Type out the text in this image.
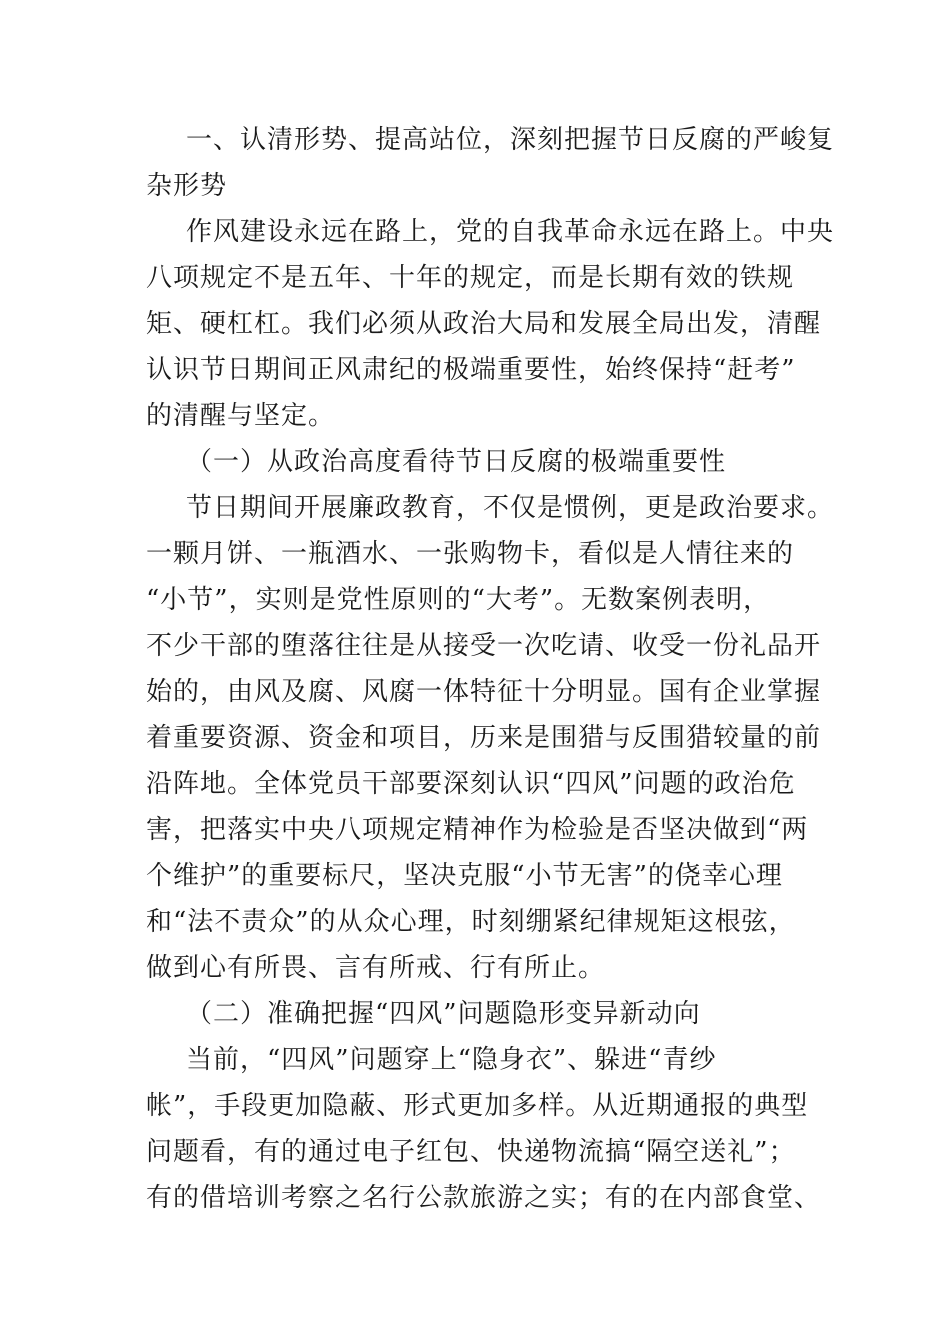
一、认清形势、提高站位，深刻把握节日反腐的严峻复
杂形势
作风建设永远在路上，党的自我革命永远在路上。中央
八项规定不是五年、十年的规定，而是长期有效的铁规
矩、硬杠杠。我们必须从政治大局和发展全局出发，清醒
认识节日期间正风肃纪的极端重要性，始终保持“赶考”
的清醒与坚定。
（一）从政治高度看待节日反腐的极端重要性
节日期间开展廉政教育，不仅是惯例，更是政治要求。
一颗月饼、一瓶酒水、一张购物卡，看似是人情往来的
“小节”，实则是党性原则的“大考”。无数案例表明，
不少干部的堕落往往是从接受一次吃请、收受一份礼品开
始的，由风及腐、风腐一体特征十分明显。国有企业掌握
着重要资源、资金和项目，历来是围猎与反围猎较量的前
沿阵地。全体党员干部要深刻认识“四风”问题的政治危
害，把落实中央八项规定精神作为检验是否坚决做到“两
个维护”的重要标尺，坚决克服“小节无害”的侥幸心理
和“法不责众”的从众心理，时刻绷紧纪律规矩这根弦，
做到心有所畏、言有所戒、行有所止。
（二）准确把握“四风”问题隐形变异新动向
当前，“四风”问题穿上“隐身衣”、躲进“青纱
帐”，手段更加隐蔽、形式更加多样。从近期通报的典型
问题看，有的通过电子红包、快递物流搞“隔空送礼”；
有的借培训考察之名行公款旅游之实；有的在内部食堂、
